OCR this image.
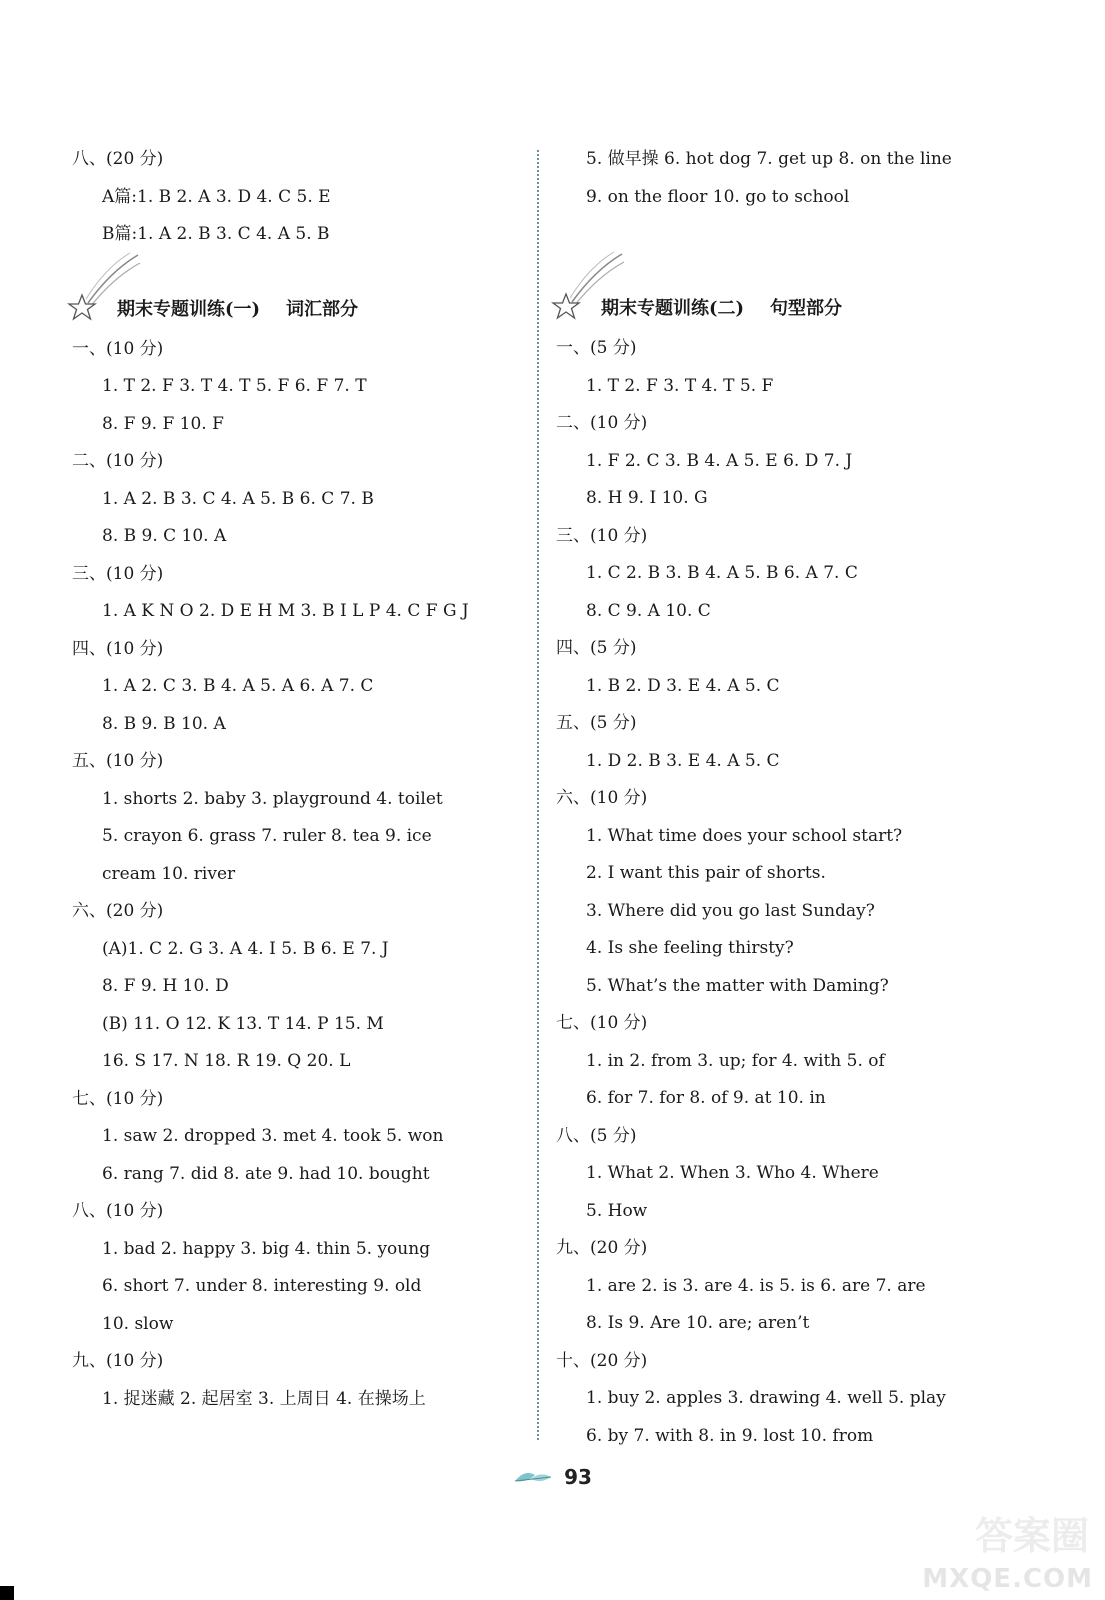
八、(20 分)
A篇:1. B 2. A 3. D 4. C 5. E
B篇:1. A 2. B 3. C 4. A 5. B
期末专题训练(一) 词汇部分
一、(10 分)
1. T 2. F 3. T 4. T 5. F 6. F 7. T
8. F 9. F 10. F
二、(10 分)
1. A 2. B 3. C 4. A 5. B 6. C 7. B
8. B 9. C 10. A
三、(10 分)
1. A K N O 2. D E H M 3. B I L P 4. C F G J
四、(10 分)
1. A 2. C 3. B 4. A 5. A 6. A 7. C
8. B 9. B 10. A
五、(10 分)
1. shorts 2. baby 3. playground 4. toilet
5. crayon 6. grass 7. ruler 8. tea 9. ice
cream 10. river
六、(20 分)
(A)1. C 2. G 3. A 4. I 5. B 6. E 7. J
8. F 9. H 10. D
(B) 11. O 12. K 13. T 14. P 15. M
16. S 17. N 18. R 19. Q 20. L
七、(10 分)
1. saw 2. dropped 3. met 4. took 5. won
6. rang 7. did 8. ate 9. had 10. bought
八、(10 分)
1. bad 2. happy 3. big 4. thin 5. young
6. short 7. under 8. interesting 9. old
10. slow
九、(10 分)
1. 捉迷藏 2. 起居室 3. 上周日 4. 在操场上
5. 做早操 6. hot dog 7. get up 8. on the line
9. on the floor 10. go to school
期末专题训练(二) 句型部分
一、(5 分)
1. T 2. F 3. T 4. T 5. F
二、(10 分)
1. F 2. C 3. B 4. A 5. E 6. D 7. J
8. H 9. I 10. G
三、(10 分)
1. C 2. B 3. B 4. A 5. B 6. A 7. C
8. C 9. A 10. C
四、(5 分)
1. B 2. D 3. E 4. A 5. C
五、(5 分)
1. D 2. B 3. E 4. A 5. C
六、(10 分)
1. What time does your school start?
2. I want this pair of shorts.
3. Where did you go last Sunday?
4. Is she feeling thirsty?
5. What’s the matter with Daming?
七、(10 分)
1. in 2. from 3. up; for 4. with 5. of
6. for 7. for 8. of 9. at 10. in
八、(5 分)
1. What 2. When 3. Who 4. Where
5. How
九、(20 分)
1. are 2. is 3. are 4. is 5. is 6. are 7. are
8. Is 9. Are 10. are; aren’t
十、(20 分)
1. buy 2. apples 3. drawing 4. well 5. play
6. by 7. with 8. in 9. lost 10. from
93
答案圈
MXQE.COM
